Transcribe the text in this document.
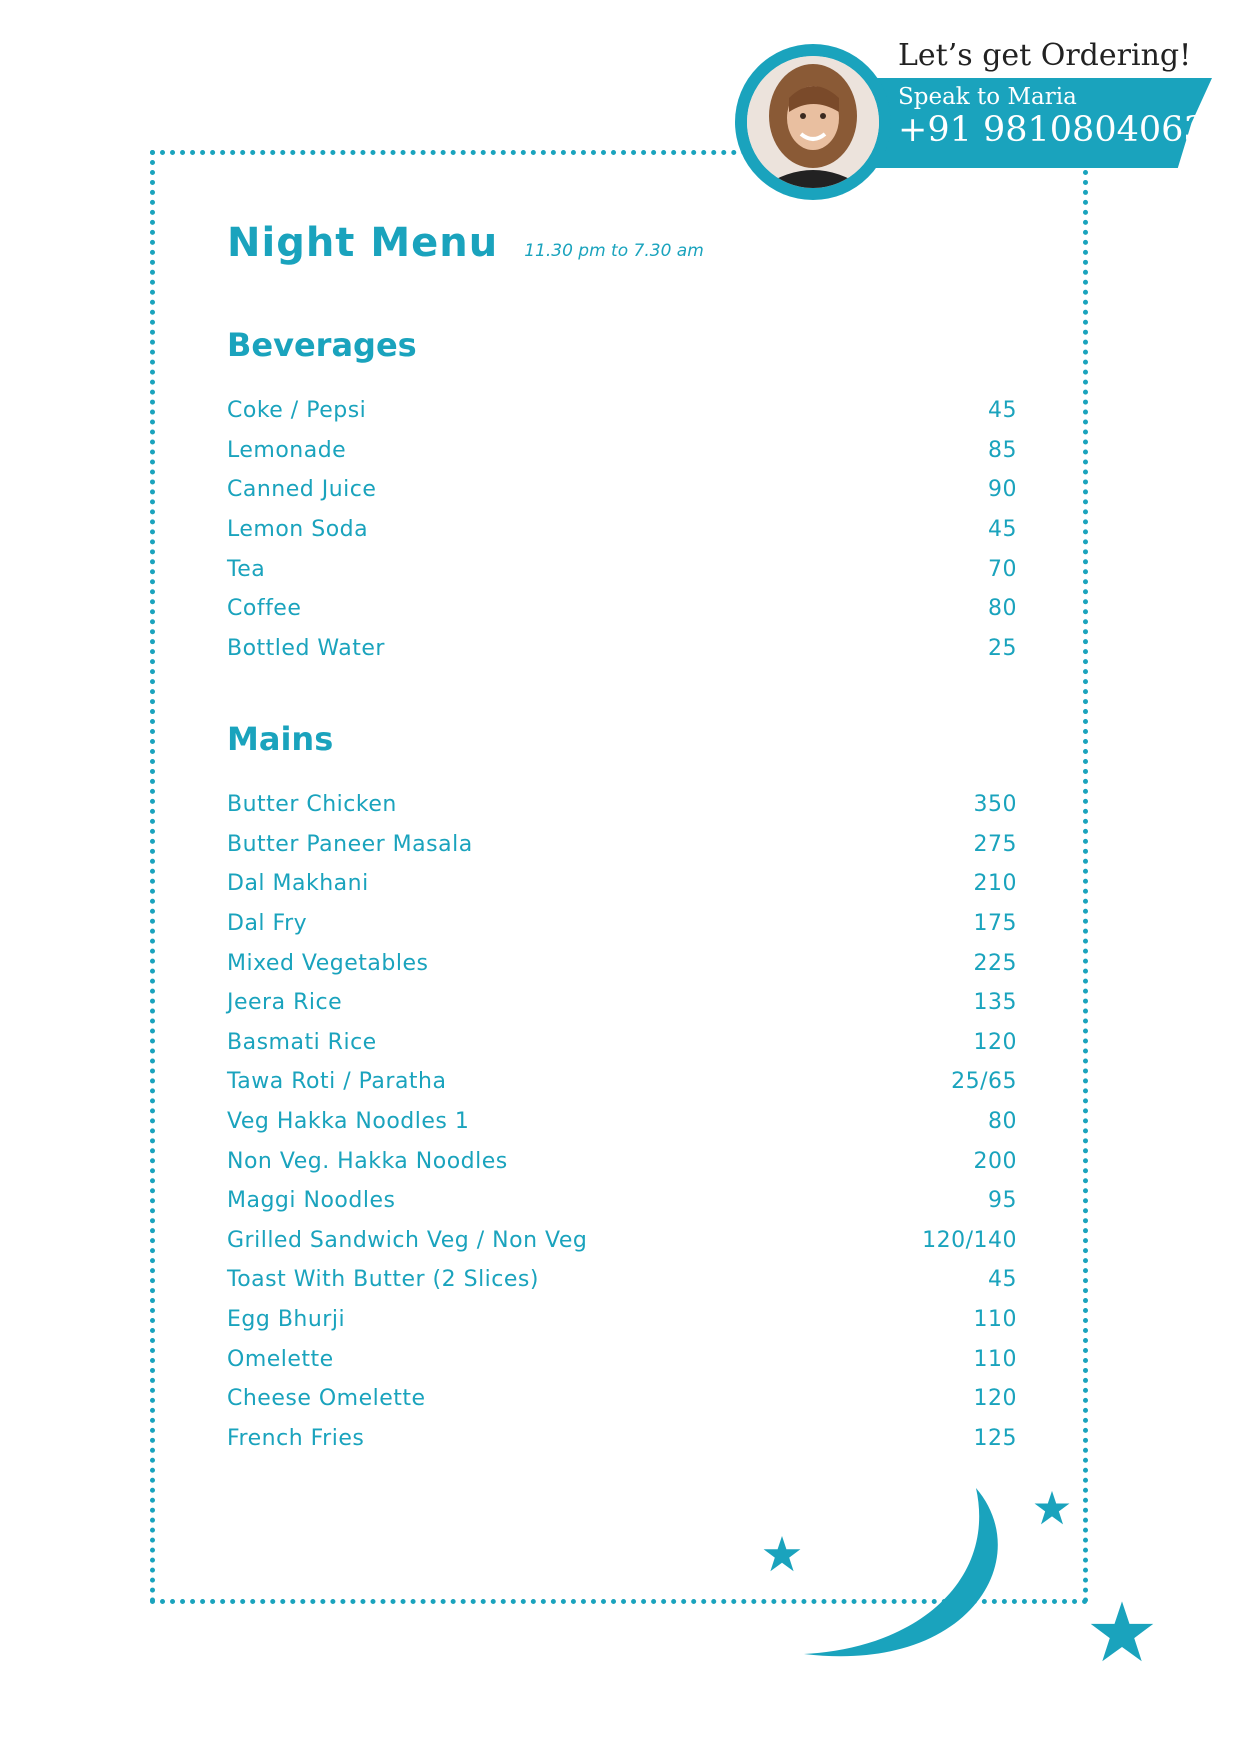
Night Menu 11.30 pm to 7.30 am
Beverages
Coke / Pepsi	45
Lemonade	85
Canned Juice	90
Lemon Soda	45
Tea	70
Coffee	80
Bottled Water	25
Mains
Butter Chicken	350
Butter Paneer Masala	275
Dal Makhani	210
Dal Fry	175
Mixed Vegetables	225
Jeera Rice	135
Basmati Rice	120
Tawa Roti / Paratha	25/65
Veg Hakka Noodles 1	80
Non Veg. Hakka Noodles	200
Maggi Noodles	95
Grilled Sandwich Veg / Non Veg	120/140
Toast With Butter (2 Slices)	45
Egg Bhurji	110
Omelette	110
Cheese Omelette	120
French Fries	125
Let’s get Ordering!
Speak to Maria
+91 9810804063
